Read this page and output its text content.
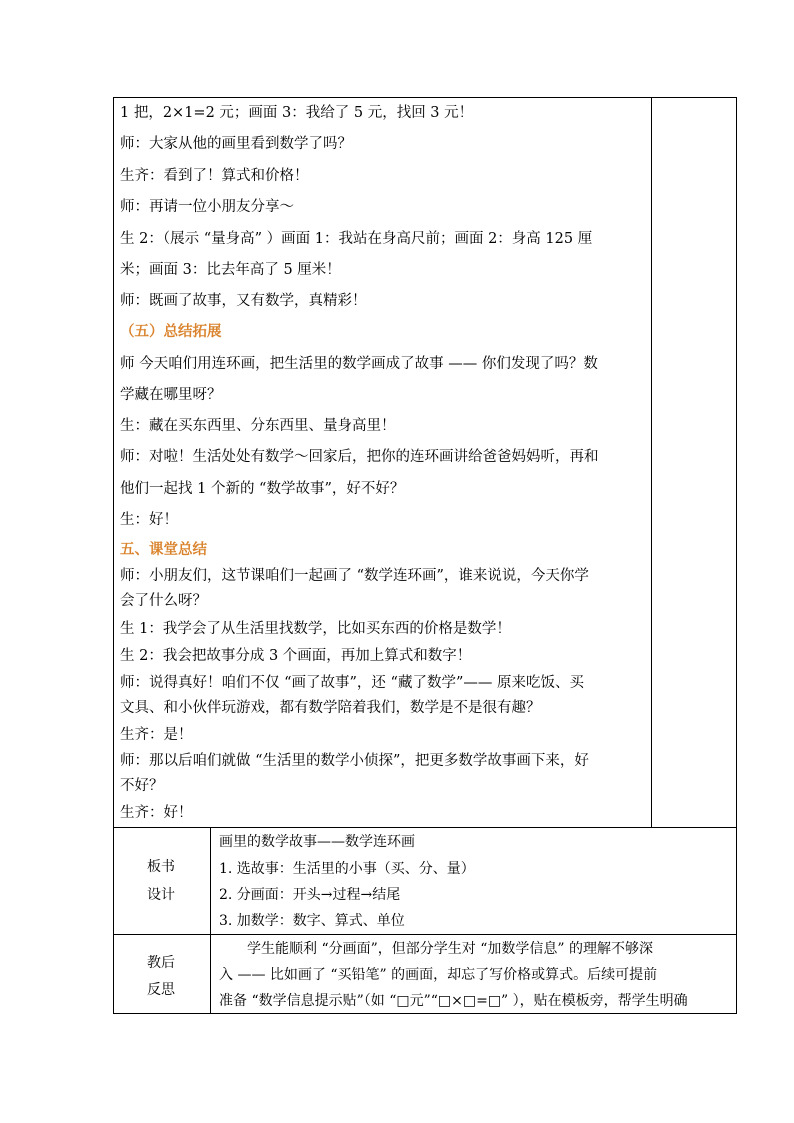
1 把，2×1=2 元；画面 3：我给了 5 元，找回 3 元！
师：大家从他的画里看到数学了吗？
生齐：看到了！算式和价格！
师：再请一位小朋友分享～
生 2：（展示 “量身高” ）画面 1：我站在身高尺前；画面 2：身高 125 厘
米；画面 3：比去年高了 5 厘米！
师：既画了故事，又有数学，真精彩！
（五）总结拓展
师 今天咱们用连环画，把生活里的数学画成了故事 —— 你们发现了吗？数
学藏在哪里呀？
生：藏在买东西里、分东西里、量身高里！
师：对啦！生活处处有数学～回家后，把你的连环画讲给爸爸妈妈听，再和
他们一起找 1 个新的 “数学故事”，好不好？
生：好！
五、课堂总结
师：小朋友们，这节课咱们一起画了 “数学连环画”，谁来说说，今天你学
会了什么呀？
生 1：我学会了从生活里找数学，比如买东西的价格是数学！
生 2：我会把故事分成 3 个画面，再加上算式和数字！
师：说得真好！咱们不仅 “画了故事”，还 “藏了数学”—— 原来吃饭、买
文具、和小伙伴玩游戏，都有数学陪着我们，数学是不是很有趣？
生齐：是！
师：那以后咱们就做 “生活里的数学小侦探”，把更多数学故事画下来，好
不好？
生齐：好！
板书
设计
画里的数学故事——数学连环画
1. 选故事：生活里的小事（买、分、量）
2. 分画面：开头→过程→结尾
3. 加数学：数字、算式、单位
教后
反思
　　学生能顺利 “分画面”，但部分学生对 “加数学信息” 的理解不够深
入 —— 比如画了 “买铅笔” 的画面，却忘了写价格或算式。后续可提前
准备 “数学信息提示贴”（如 “□元”“□×□=□” ），贴在模板旁，帮学生明确
